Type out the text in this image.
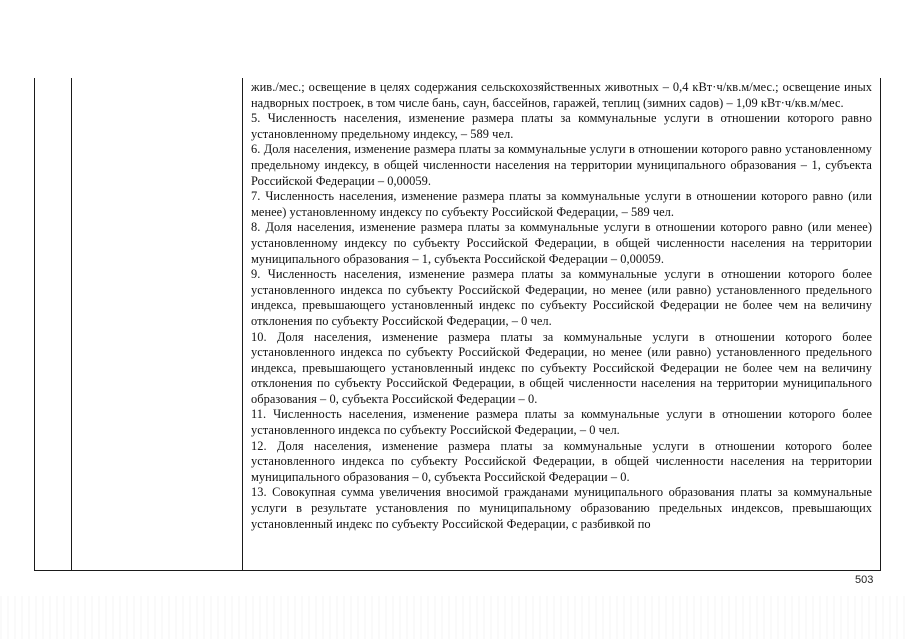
жив./мес.; освещение в целях содержания сельскохозяйственных животных – 0,4 кВт·ч/кв.м/мес.; освещение иных надворных построек, в том числе бань, саун, бассейнов, гаражей, теплиц (зимних садов) – 1,09 кВт·ч/кв.м/мес.

5. Численность населения, изменение размера платы за коммунальные услуги в отношении которого равно установленному предельному индексу, – 589 чел.

6. Доля населения, изменение размера платы за коммунальные услуги в отношении которого равно установленному предельному индексу, в общей численности населения на территории муниципального образования – 1, субъекта Российской Федерации – 0,00059.

7. Численность населения, изменение размера платы за коммунальные услуги в отношении которого равно (или менее) установленному индексу по субъекту Российской Федерации, – 589 чел.

8. Доля населения, изменение размера платы за коммунальные услуги в отношении которого равно (или менее) установленному индексу по субъекту Российской Федерации, в общей численности населения на территории муниципального образования – 1, субъекта Российской Федерации – 0,00059.

9. Численность населения, изменение размера платы за коммунальные услуги в отношении которого более установленного индекса по субъекту Российской Федерации, но менее (или равно) установленного предельного индекса, превышающего установленный индекс по субъекту Российской Федерации не более чем на величину отклонения по субъекту Российской Федерации, – 0 чел.

10. Доля населения, изменение размера платы за коммунальные услуги в отношении которого более установленного индекса по субъекту Российской Федерации, но менее (или равно) установленного предельного индекса, превышающего установленный индекс по субъекту Российской Федерации не более чем на величину отклонения по субъекту Российской Федерации, в общей численности населения на территории муниципального образования – 0, субъекта Российской Федерации – 0.

11. Численность населения, изменение размера платы за коммунальные услуги в отношении которого более установленного индекса по субъекту Российской Федерации, – 0 чел.

12. Доля населения, изменение размера платы за коммунальные услуги в отношении которого более установленного индекса по субъекту Российской Федерации, в общей численности населения на территории муниципального образования – 0, субъекта Российской Федерации – 0.

13. Совокупная сумма увеличения вносимой гражданами муниципального образования платы за коммунальные услуги в результате установления по муниципальному образованию предельных индексов, превышающих установленный индекс по субъекту Российской Федерации, с разбивкой по

503
